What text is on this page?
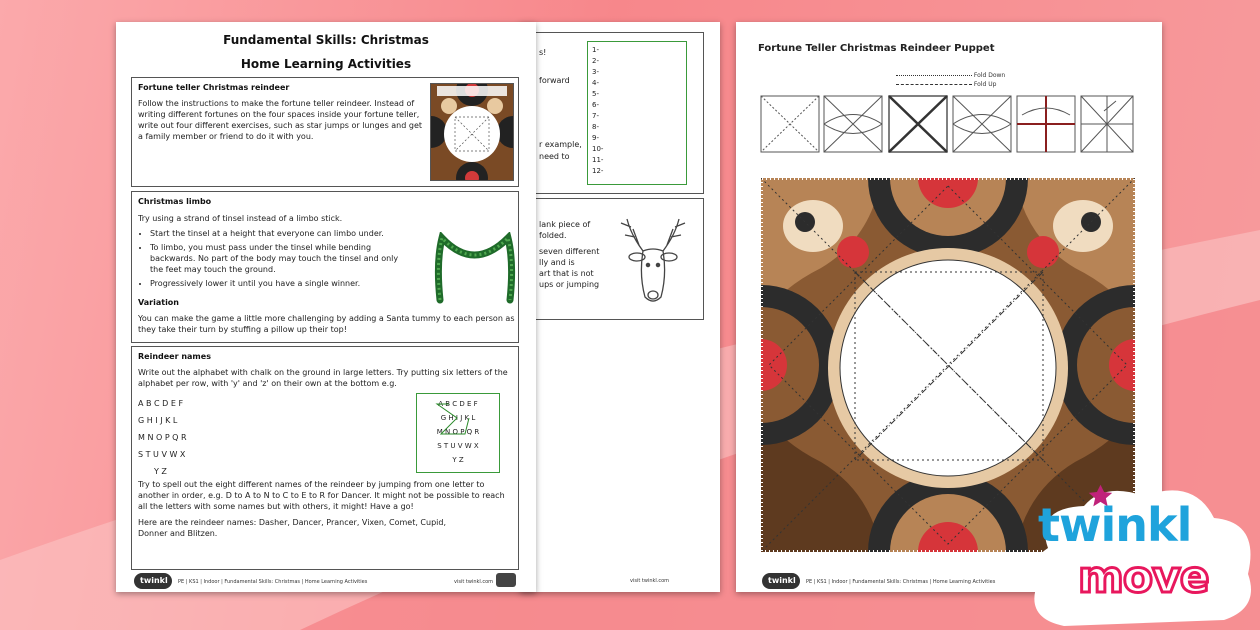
s!
forward
r example,
need to
1-
2-
3-
4-
5-
6-
7-
8-
9-
10-
11-
12-
lank piece of
folded.
seven different
lly and is
art that is not
ups or jumping
visit twinkl.com
Fundamental Skills: Christmas
Home Learning Activities
Fortune teller Christmas reindeer
Follow the instructions to make the fortune teller reindeer. Instead of writing different fortunes on the four spaces inside your fortune teller, write out four different exercises, such as star jumps or lunges and get a family member or friend to do it with you.
Christmas limbo
Try using a strand of tinsel instead of a limbo stick.
• Start the tinsel at a height that everyone can limbo under.
• To limbo, you must pass under the tinsel while bending backwards. No part of the body may touch the tinsel and only the feet may touch the ground.
• Progressively lower it until you have a single winner.
Variation
You can make the game a little more challenging by adding a Santa tummy to each person as they take their turn by stuffing a pillow up their top!
Reindeer names
Write out the alphabet with chalk on the ground in large letters. Try putting six letters of the alphabet per row, with 'y' and 'z' on their own at the bottom e.g.
A B C D E F
G H I J K L
M N O P Q R
S T U V W X
Y Z
A B C D E F
G H I J K L
M N O P Q R
S T U V W X
Y Z
Try to spell out the eight different names of the reindeer by jumping from one letter to another in order, e.g. D to A to N to C to E to R for Dancer. It might not be possible to reach all the letters with some names but with others, it might! Have a go!
Here are the reindeer names: Dasher, Dancer, Prancer, Vixen, Comet, Cupid, Donner and Blitzen.
twinkl PE | KS1 | Indoor | Fundamental Skills: Christmas | Home Learning Activities	visit twinkl.com
Fortune Teller Christmas Reindeer Puppet
Fold Down
Fold Up
twinkl PE | KS1 | Indoor | Fundamental Skills: Christmas | Home Learning Activities
twinkl
move
